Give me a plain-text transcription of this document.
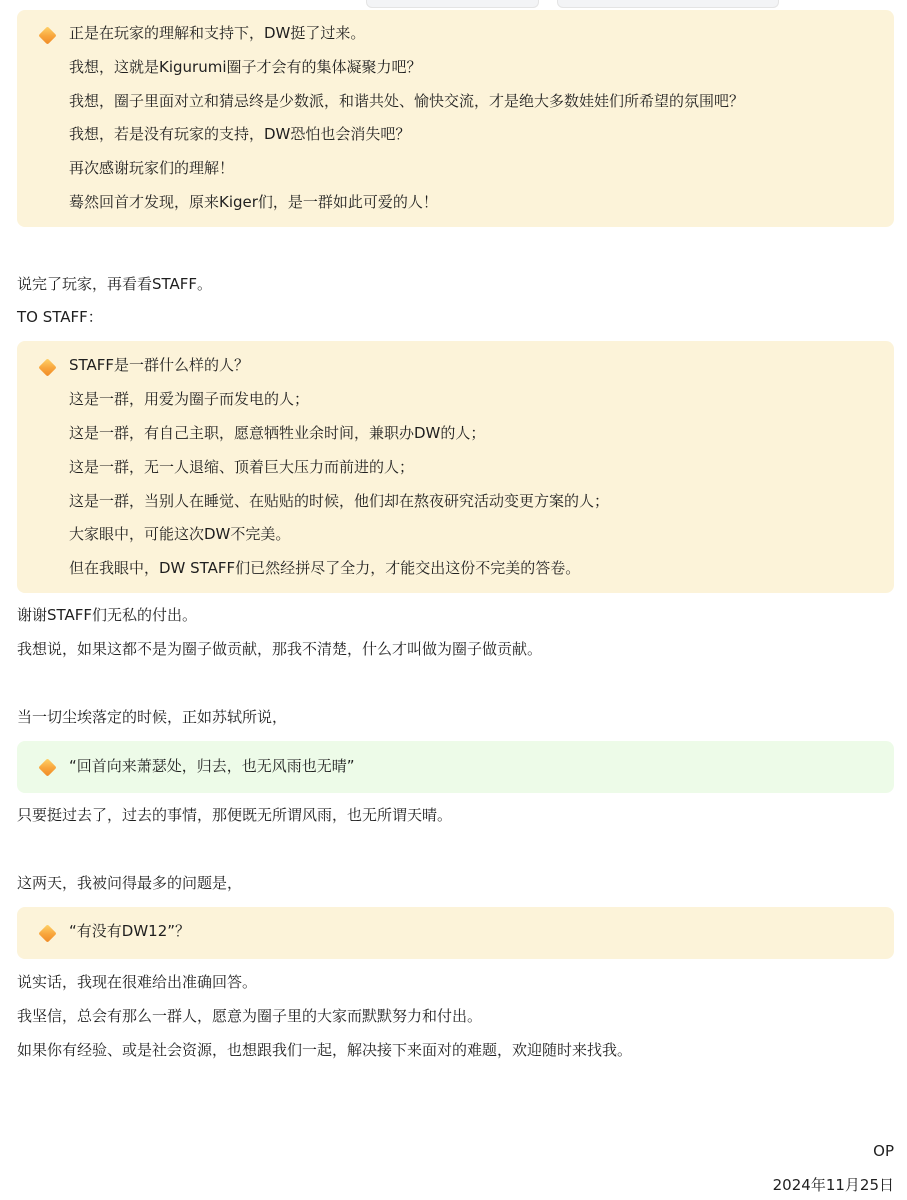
正是在玩家的理解和支持下，DW挺了过来。
我想，这就是Kigurumi圈子才会有的集体凝聚力吧？
我想，圈子里面对立和猜忌终是少数派，和谐共处、愉快交流，才是绝大多数娃娃们所希望的氛围吧？
我想，若是没有玩家的支持，DW恐怕也会消失吧？
再次感谢玩家们的理解！
蓦然回首才发现，原来Kiger们，是一群如此可爱的人！
说完了玩家，再看看STAFF。
TO STAFF：
STAFF是一群什么样的人？
这是一群，用爱为圈子而发电的人；
这是一群，有自己主职，愿意牺牲业余时间，兼职办DW的人；
这是一群，无一人退缩、顶着巨大压力而前进的人；
这是一群，当别人在睡觉、在贴贴的时候，他们却在熬夜研究活动变更方案的人；
大家眼中，可能这次DW不完美。
但在我眼中，DW STAFF们已然经拼尽了全力，才能交出这份不完美的答卷。
谢谢STAFF们无私的付出。
我想说，如果这都不是为圈子做贡献，那我不清楚，什么才叫做为圈子做贡献。
当一切尘埃落定的时候，正如苏轼所说，
“回首向来萧瑟处，归去，也无风雨也无晴”
只要挺过去了，过去的事情，那便既无所谓风雨，也无所谓天晴。
这两天，我被问得最多的问题是，
“有没有DW12”？
说实话，我现在很难给出准确回答。
我坚信，总会有那么一群人，愿意为圈子里的大家而默默努力和付出。
如果你有经验、或是社会资源，也想跟我们一起，解决接下来面对的难题，欢迎随时来找我。
OP
2024年11月25日
